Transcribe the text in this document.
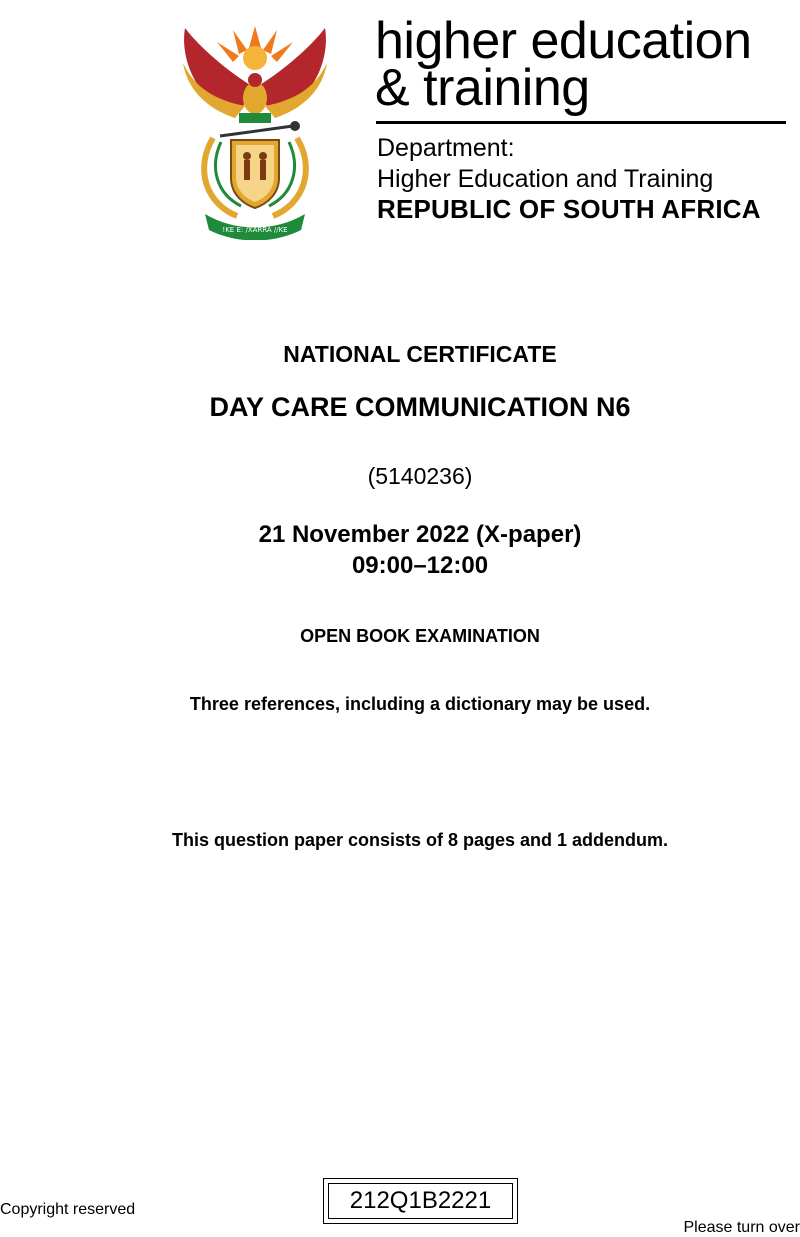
!KE E: /XARRA //KE
higher education
& training
Department:
Higher Education and Training
REPUBLIC OF SOUTH AFRICA
NATIONAL CERTIFICATE
DAY CARE COMMUNICATION N6
(5140236)
21 November 2022 (X-paper)
09:00–12:00
OPEN BOOK EXAMINATION
Three references, including a dictionary may be used.
This question paper consists of 8 pages and 1 addendum.
Copyright reserved	212Q1B2221
Please turn over
